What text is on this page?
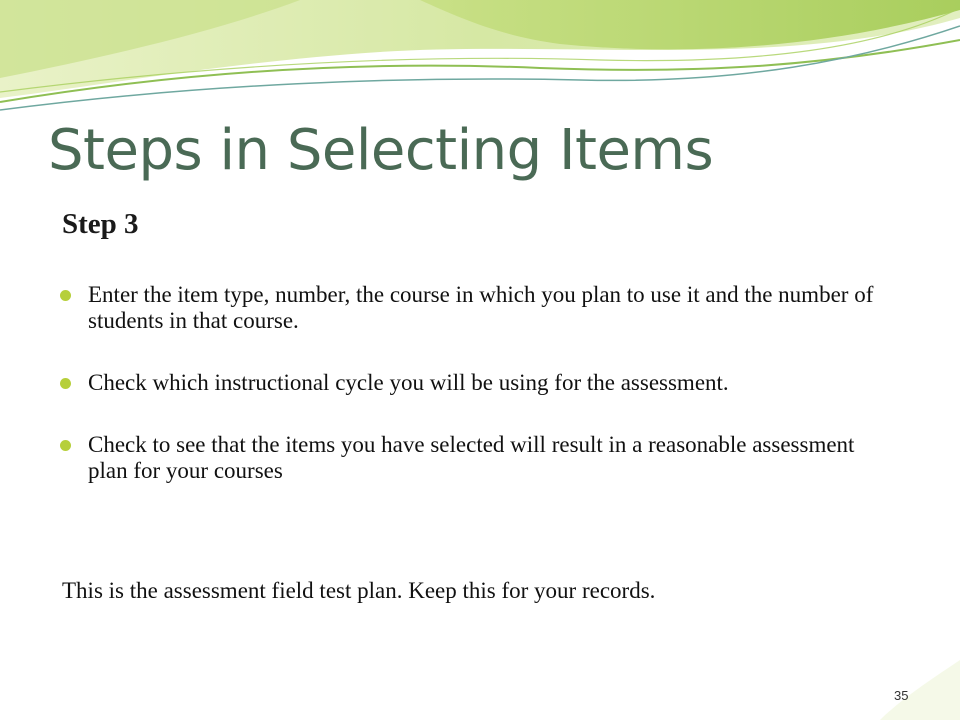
Steps in Selecting Items
Step 3
Enter the item type, number, the course in which you plan to use it and the number of students in that course.
Check which instructional cycle you will be using for the assessment.
Check to see that the items you have selected will result in a reasonable assessment plan for your courses

This is the assessment field test plan. Keep this for your records.

35
